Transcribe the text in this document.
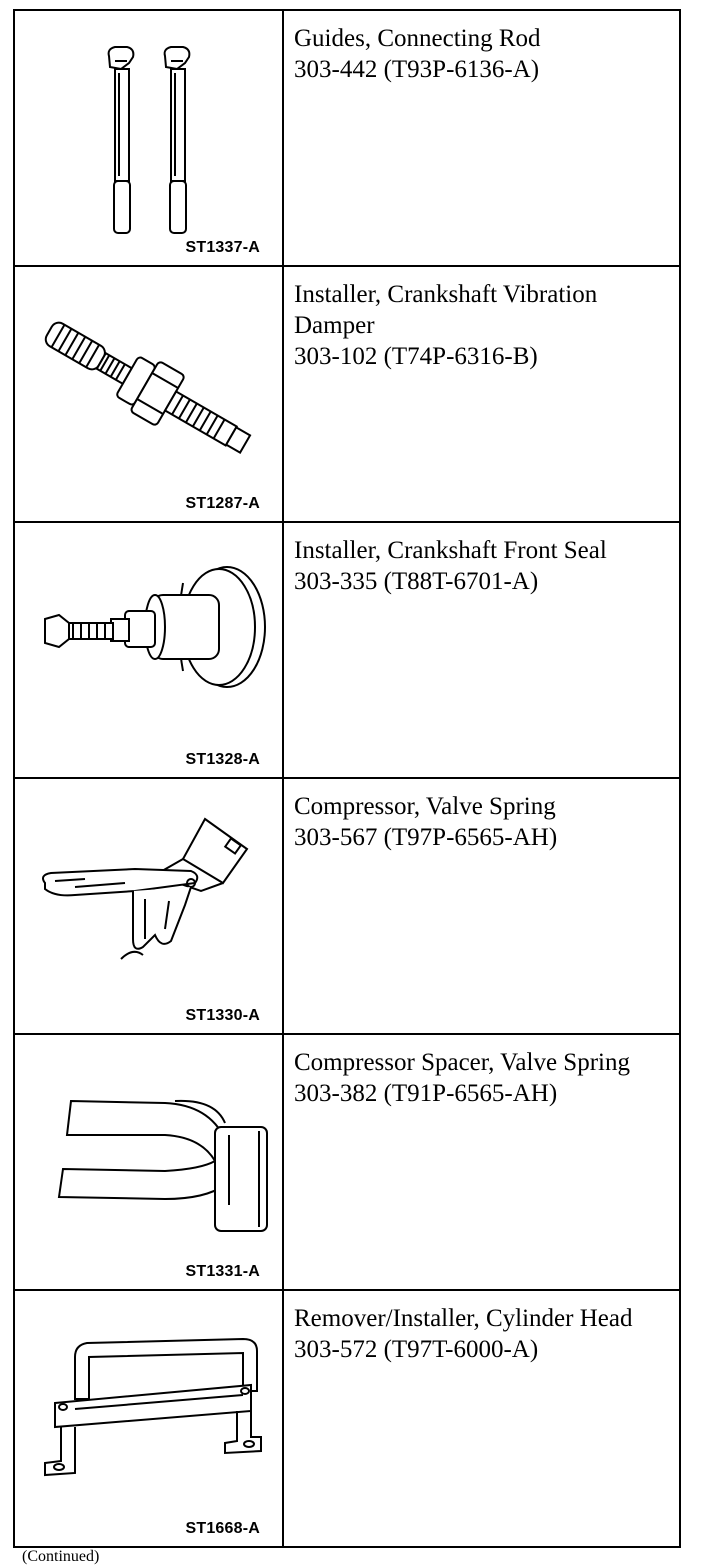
ST1337-A	Guides, Connecting Rod
303-442 (T93P-6136-A)

ST1287-A	Installer, Crankshaft Vibration Damper
303-102 (T74P-6316-B)

ST1328-A	Installer, Crankshaft Front Seal
303-335 (T88T-6701-A)

ST1330-A	Compressor, Valve Spring
303-567 (T97P-6565-AH)

ST1331-A	Compressor Spacer, Valve Spring
303-382 (T91P-6565-AH)

ST1668-A	Remover/Installer, Cylinder Head
303-572 (T97T-6000-A)
(Continued)
